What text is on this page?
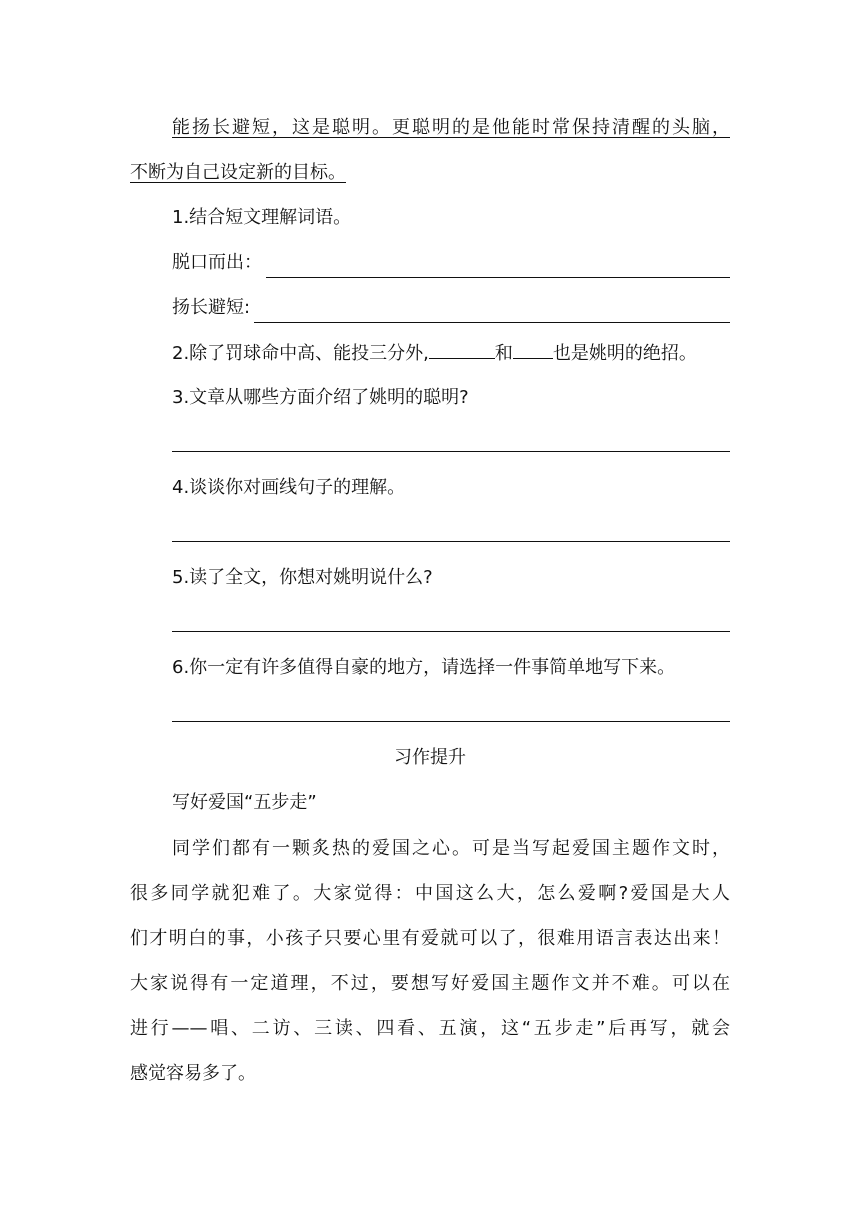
能扬长避短，这是聪明。更聪明的是他能时常保持清醒的头脑，
不断为自己设定新的目标。
1.结合短文理解词语。
脱口而出：
扬长避短:
2.除了罚球命中高、能投三分外,	和 也是姚明的绝招。
3.文章从哪些方面介绍了姚明的聪明?
4.谈谈你对画线句子的理解。
5.读了全文，你想对姚明说什么?
6.你一定有许多值得自豪的地方，请选择一件事简单地写下来。
习作提升
写好爱国“五步走”
同学们都有一颗炙热的爱国之心。可是当写起爱国主题作文时，
很多同学就犯难了。大家觉得：中国这么大，怎么爱啊?爱国是大人
们才明白的事，小孩子只要心里有爱就可以了，很难用语言表达出来！
大家说得有一定道理，不过，要想写好爱国主题作文并不难。可以在
进行——唱、二访、三读、四看、五演，这“五步走”后再写，就会
感觉容易多了。
